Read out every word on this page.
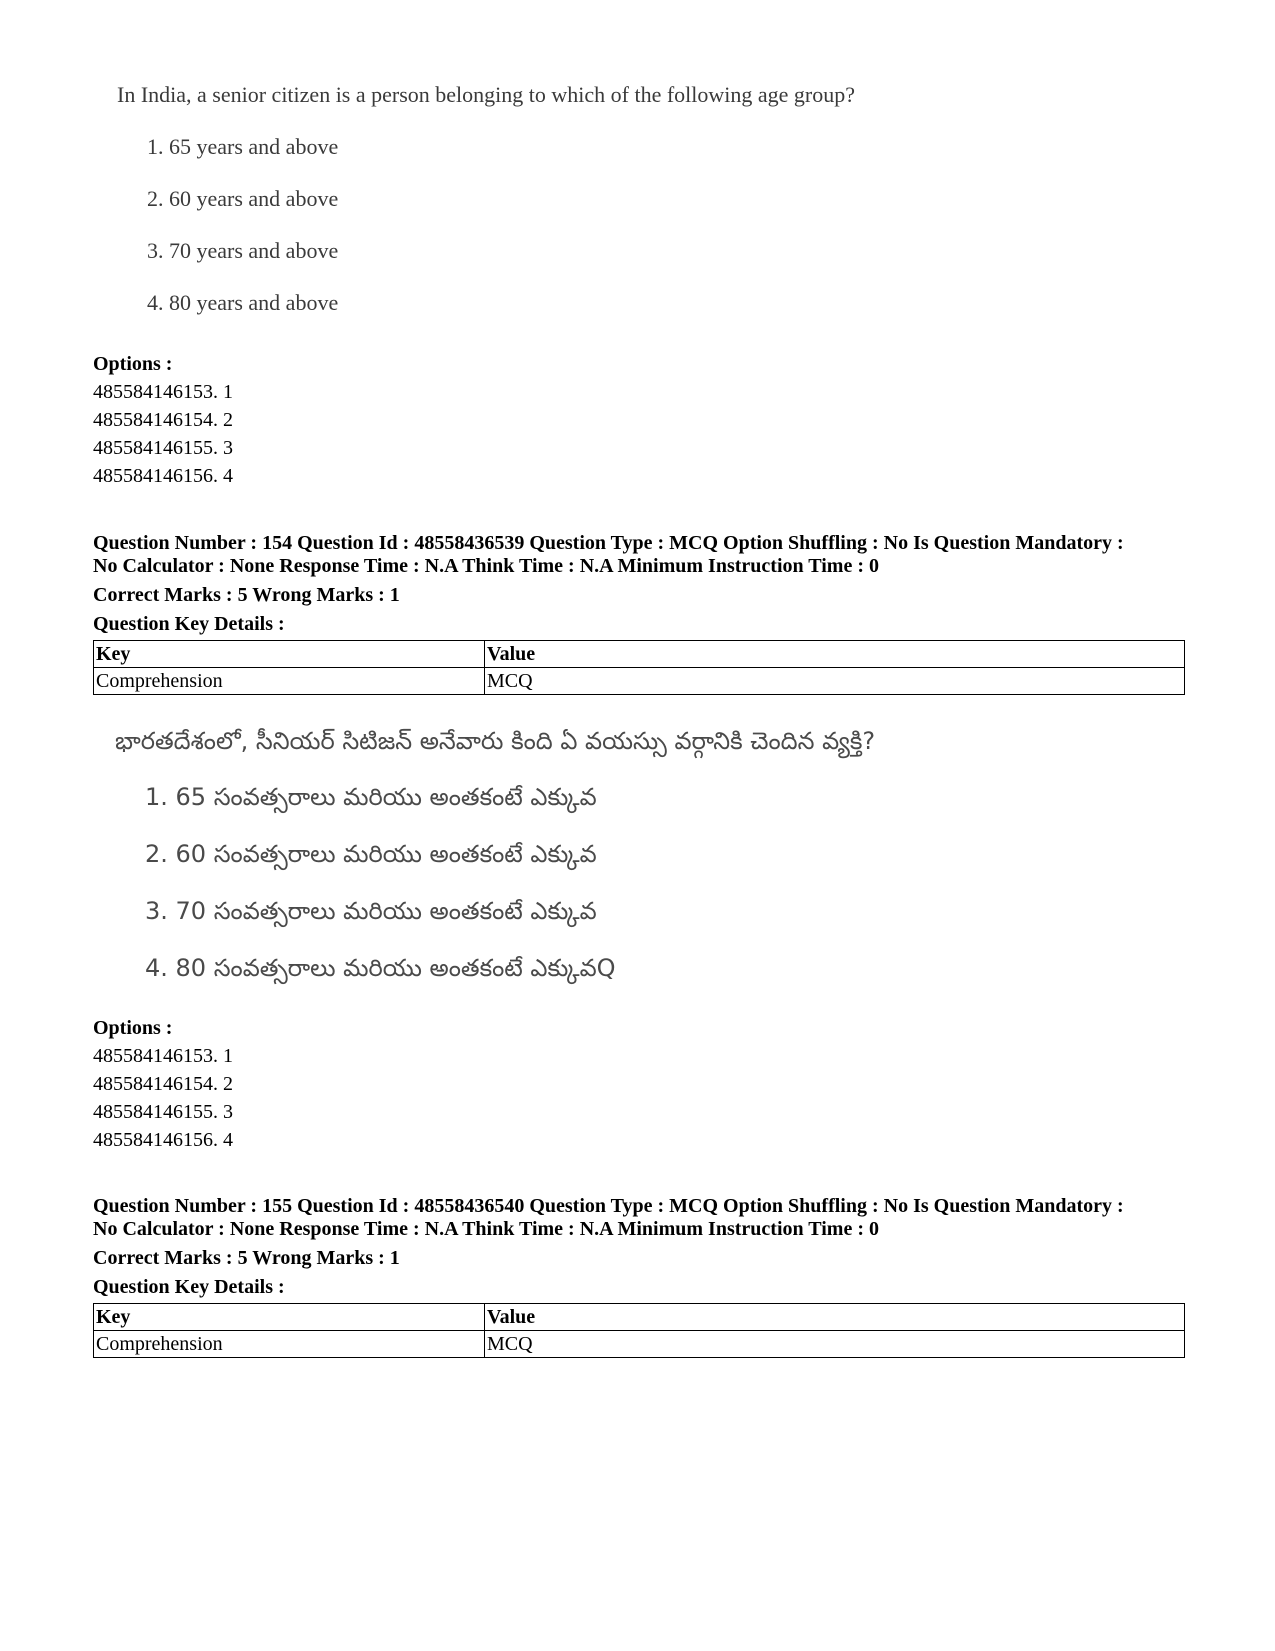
In India, a senior citizen is a person belonging to which of the following age group?
1. 65 years and above
2. 60 years and above
3. 70 years and above
4. 80 years and above
Options :
485584146153. 1
485584146154. 2
485584146155. 3
485584146156. 4
Question Number : 154 Question Id : 48558436539 Question Type : MCQ Option Shuffling : No Is Question Mandatory :
No Calculator : None Response Time : N.A Think Time : N.A Minimum Instruction Time : 0
Correct Marks : 5 Wrong Marks : 1
Question Key Details :
Key	Value
Comprehension	MCQ
భారతదేశంలో, సీనియర్ సిటిజన్ అనేవారు కింది ఏ వయస్సు వర్గానికి చెందిన వ్యక్తి?
1. 65 సంవత్సరాలు మరియు అంతకంటే ఎక్కువ
2. 60 సంవత్సరాలు మరియు అంతకంటే ఎక్కువ
3. 70 సంవత్సరాలు మరియు అంతకంటే ఎక్కువ
4. 80 సంవత్సరాలు మరియు అంతకంటే ఎక్కువQ
Options :
485584146153. 1
485584146154. 2
485584146155. 3
485584146156. 4
Question Number : 155 Question Id : 48558436540 Question Type : MCQ Option Shuffling : No Is Question Mandatory :
No Calculator : None Response Time : N.A Think Time : N.A Minimum Instruction Time : 0
Correct Marks : 5 Wrong Marks : 1
Question Key Details :
Key	Value
Comprehension	MCQ
